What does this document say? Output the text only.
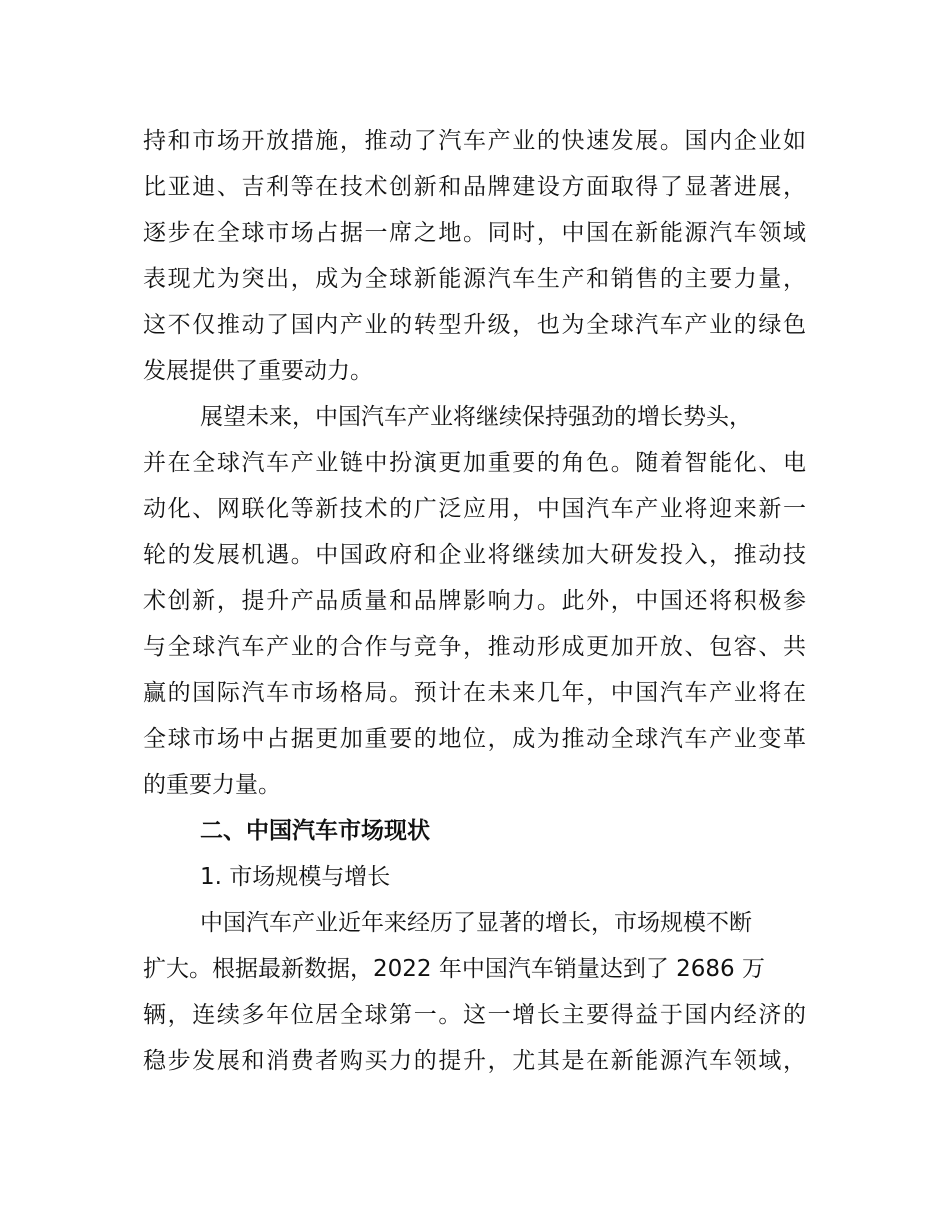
持和市场开放措施，推动了汽车产业的快速发展。国内企业如
比亚迪、吉利等在技术创新和品牌建设方面取得了显著进展，
逐步在全球市场占据一席之地。同时，中国在新能源汽车领域
表现尤为突出，成为全球新能源汽车生产和销售的主要力量，
这不仅推动了国内产业的转型升级，也为全球汽车产业的绿色
发展提供了重要动力。
展望未来，中国汽车产业将继续保持强劲的增长势头，
并在全球汽车产业链中扮演更加重要的角色。随着智能化、电
动化、网联化等新技术的广泛应用，中国汽车产业将迎来新一
轮的发展机遇。中国政府和企业将继续加大研发投入，推动技
术创新，提升产品质量和品牌影响力。此外，中国还将积极参
与全球汽车产业的合作与竞争，推动形成更加开放、包容、共
赢的国际汽车市场格局。预计在未来几年，中国汽车产业将在
全球市场中占据更加重要的地位，成为推动全球汽车产业变革
的重要力量。
二、中国汽车市场现状
1. 市场规模与增长
中国汽车产业近年来经历了显著的增长，市场规模不断
扩大。根据最新数据，2022 年中国汽车销量达到了 2686 万
辆，连续多年位居全球第一。这一增长主要得益于国内经济的
稳步发展和消费者购买力的提升，尤其是在新能源汽车领域，
